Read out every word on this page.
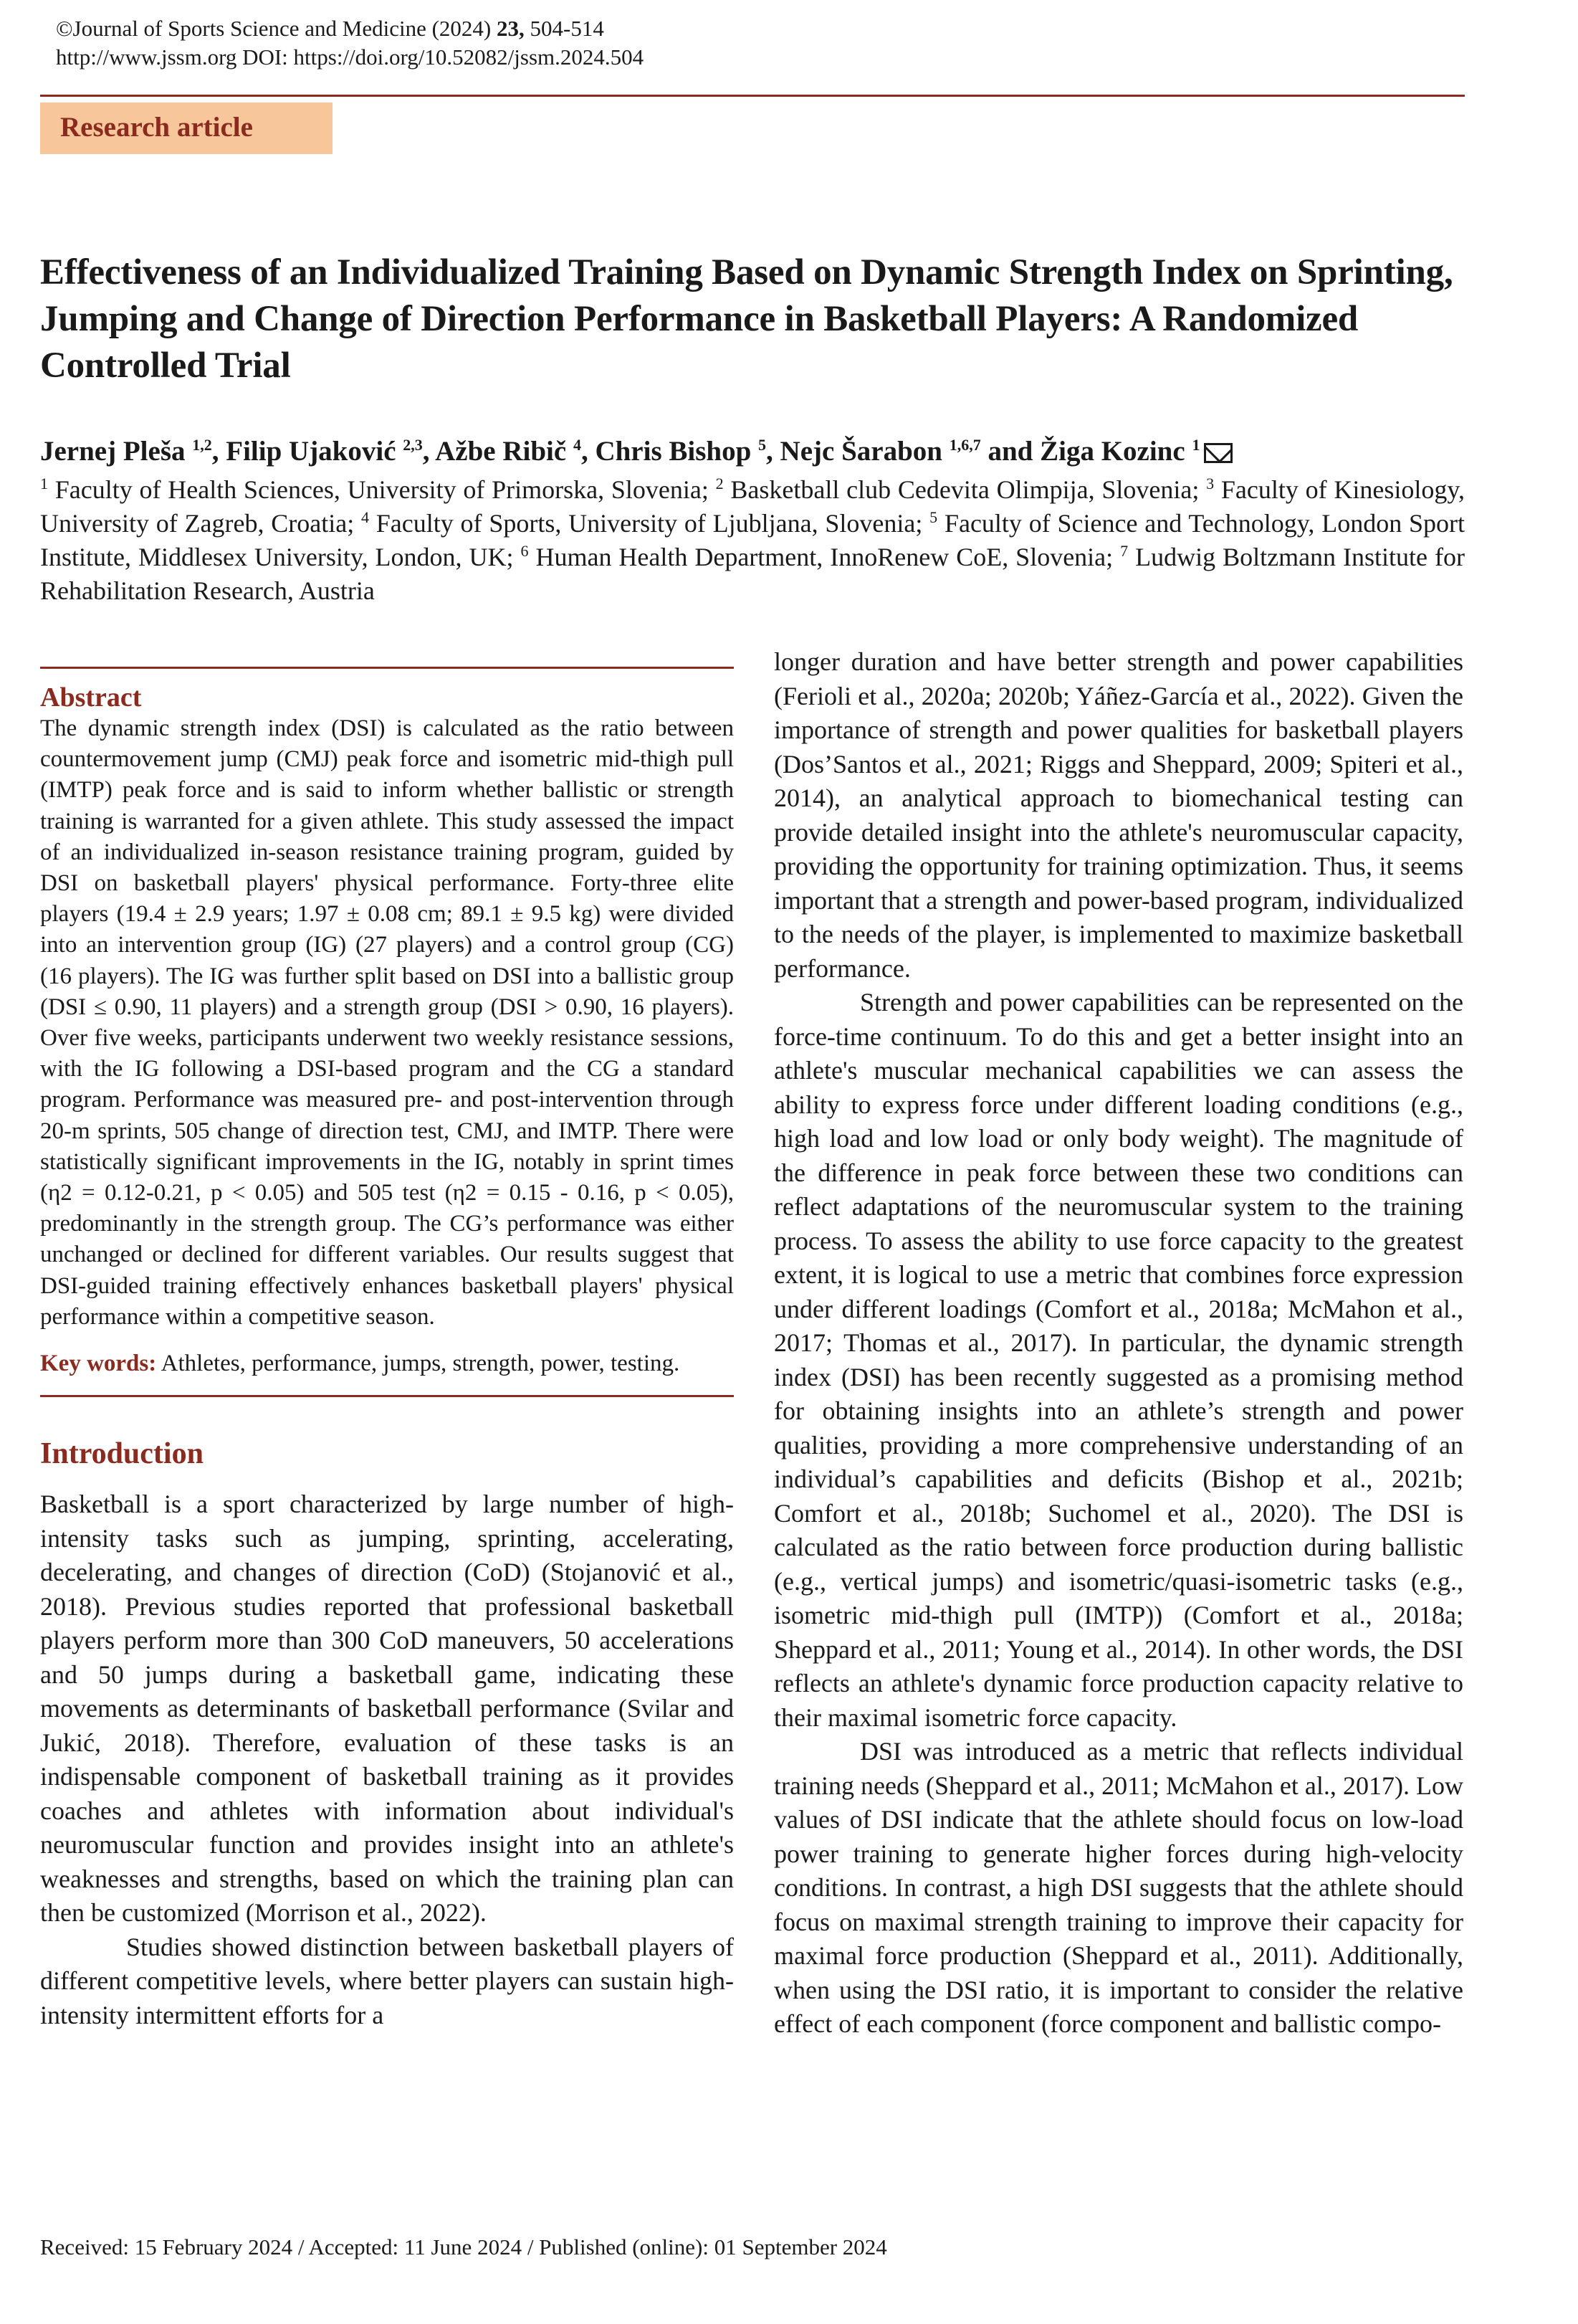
©Journal of Sports Science and Medicine (2024) 23, 504-514
http://www.jssm.org DOI: https://doi.org/10.52082/jssm.2024.504
Research article
Effectiveness of an Individualized Training Based on Dynamic Strength Index on Sprinting, Jumping and Change of Direction Performance in Basketball Players: A Randomized Controlled Trial
Jernej Pleša $^{1,2}$, Filip Ujaković $^{2,3}$, Ažbe Ribič $^4$, Chris Bishop $^5$, Nejc Šarabon $^{1,6,7}$ and Žiga Kozinc $^1$
$^1$ Faculty of Health Sciences, University of Primorska, Slovenia; $^2$ Basketball club Cedevita Olimpija, Slovenia; $^3$ Faculty of Kinesiology, University of Zagreb, Croatia; $^4$ Faculty of Sports, University of Ljubljana, Slovenia; $^5$ Faculty of Science and Technology, London Sport Institute, Middlesex University, London, UK; $^6$ Human Health Department, InnoRenew CoE, Slovenia; $^7$ Ludwig Boltzmann Institute for Rehabilitation Research, Austria
Abstract
The dynamic strength index (DSI) is calculated as the ratio between countermovement jump (CMJ) peak force and isometric mid-thigh pull (IMTP) peak force and is said to inform whether ballistic or strength training is warranted for a given athlete. This study assessed the impact of an individualized in-season resistance training program, guided by DSI on basketball players' physical performance. Forty-three elite players (19.4 ± 2.9 years; 1.97 ± 0.08 cm; 89.1 ± 9.5 kg) were divided into an intervention group (IG) (27 players) and a control group (CG) (16 players). The IG was further split based on DSI into a ballistic group (DSI ≤ 0.90, 11 players) and a strength group (DSI > 0.90, 16 players). Over five weeks, participants underwent two weekly resistance sessions, with the IG following a DSI-based program and the CG a standard program. Performance was measured pre- and post-intervention through 20-m sprints, 505 change of direction test, CMJ, and IMTP. There were statistically significant improvements in the IG, notably in sprint times (η2 = 0.12-0.21, p < 0.05) and 505 test (η2 = 0.15 - 0.16, p < 0.05), predominantly in the strength group. The CG’s performance was either unchanged or declined for different variables. Our results suggest that DSI-guided training effectively enhances basketball players' physical performance within a competitive season.
Key words: Athletes, performance, jumps, strength, power, testing.
Introduction

Basketball is a sport characterized by large number of high-intensity tasks such as jumping, sprinting, accelerating, decelerating, and changes of direction (CoD) (Stojanović et al., 2018). Previous studies reported that professional basketball players perform more than 300 CoD maneuvers, 50 accelerations and 50 jumps during a basketball game, indicating these movements as determinants of basketball performance (Svilar and Jukić, 2018). Therefore, evaluation of these tasks is an indispensable component of basketball training as it provides coaches and athletes with information about individual's neuromuscular function and provides insight into an athlete's weaknesses and strengths, based on which the training plan can then be customized (Morrison et al., 2022).

Studies showed distinction between basketball players of different competitive levels, where better players can sustain high-intensity intermittent efforts for a

longer duration and have better strength and power capabilities (Ferioli et al., 2020a; 2020b; Yáñez-García et al., 2022). Given the importance of strength and power qualities for basketball players (Dos’Santos et al., 2021; Riggs and Sheppard, 2009; Spiteri et al., 2014), an analytical approach to biomechanical testing can provide detailed insight into the athlete's neuromuscular capacity, providing the opportunity for training optimization. Thus, it seems important that a strength and power-based program, individualized to the needs of the player, is implemented to maximize basketball performance.

Strength and power capabilities can be represented on the force-time continuum. To do this and get a better insight into an athlete's muscular mechanical capabilities we can assess the ability to express force under different loading conditions (e.g., high load and low load or only body weight). The magnitude of the difference in peak force between these two conditions can reflect adaptations of the neuromuscular system to the training process. To assess the ability to use force capacity to the greatest extent, it is logical to use a metric that combines force expression under different loadings (Comfort et al., 2018a; McMahon et al., 2017; Thomas et al., 2017). In particular, the dynamic strength index (DSI) has been recently suggested as a promising method for obtaining insights into an athlete’s strength and power qualities, providing a more comprehensive understanding of an individual’s capabilities and deficits (Bishop et al., 2021b; Comfort et al., 2018b; Suchomel et al., 2020). The DSI is calculated as the ratio between force production during ballistic (e.g., vertical jumps) and isometric/quasi-isometric tasks (e.g., isometric mid-thigh pull (IMTP)) (Comfort et al., 2018a; Sheppard et al., 2011; Young et al., 2014). In other words, the DSI reflects an athlete's dynamic force production capacity relative to their maximal isometric force capacity.

DSI was introduced as a metric that reflects individual training needs (Sheppard et al., 2011; McMahon et al., 2017). Low values of DSI indicate that the athlete should focus on low-load power training to generate higher forces during high-velocity conditions. In contrast, a high DSI suggests that the athlete should focus on maximal strength training to improve their capacity for maximal force production (Sheppard et al., 2011). Additionally, when using the DSI ratio, it is important to consider the relative effect of each component (force component and ballistic compo-

Received: 15 February 2024 / Accepted: 11 June 2024 / Published (online): 01 September 2024
